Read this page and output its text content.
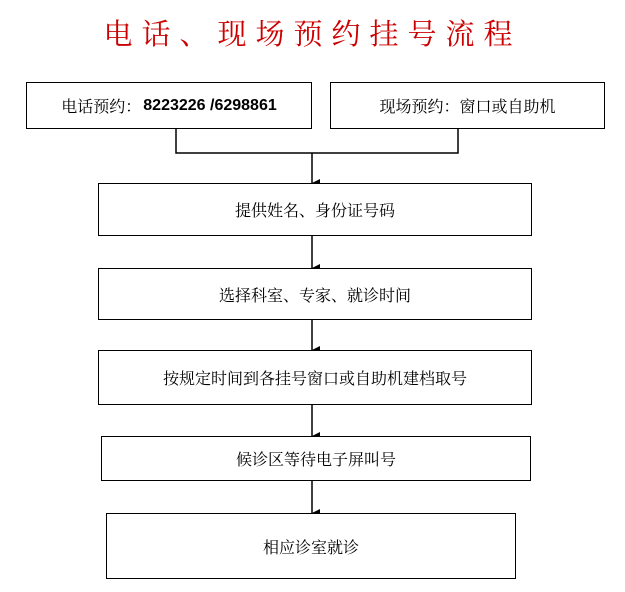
电话、现场预约挂号流程
电话预约： 8223226 /6298861	现场预约：窗口或自助机
提供姓名、身份证号码
选择科室、专家、就诊时间
按规定时间到各挂号窗口或自助机建档取号
候诊区等待电子屏叫号
相应诊室就诊
